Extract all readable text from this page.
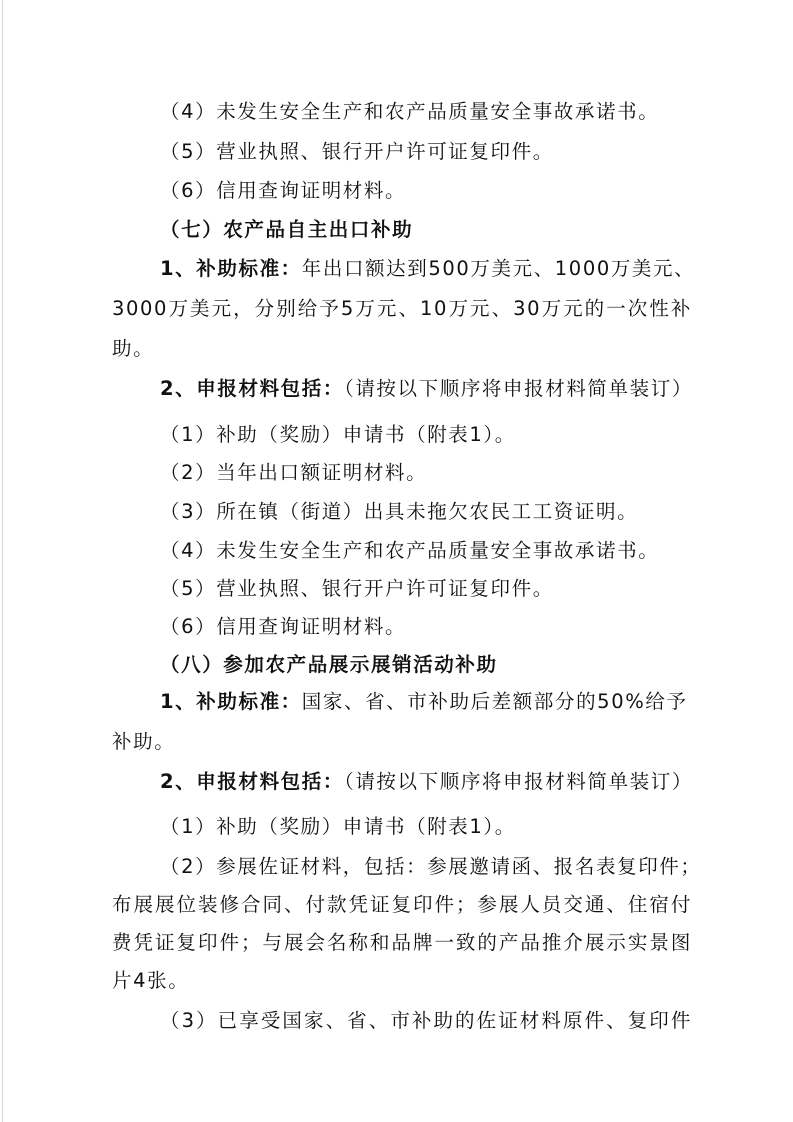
（4）未发生安全生产和农产品质量安全事故承诺书。
（5）营业执照、银行开户许可证复印件。
（6）信用查询证明材料。
（七）农产品自主出口补助
1、补助标准：年出口额达到500万美元、1000万美元、
3000万美元，分别给予5万元、10万元、30万元的一次性补
助。
2、申报材料包括：（请按以下顺序将申报材料简单装订）
（1）补助（奖励）申请书（附表1）。
（2）当年出口额证明材料。
（3）所在镇（街道）出具未拖欠农民工工资证明。
（4）未发生安全生产和农产品质量安全事故承诺书。
（5）营业执照、银行开户许可证复印件。
（6）信用查询证明材料。
（八）参加农产品展示展销活动补助
1、补助标准：国家、省、市补助后差额部分的50%给予
补助。
2、申报材料包括：（请按以下顺序将申报材料简单装订）
（1）补助（奖励）申请书（附表1）。
（2）参展佐证材料，包括：参展邀请函、报名表复印件；
布展展位装修合同、付款凭证复印件；参展人员交通、住宿付
费凭证复印件；与展会名称和品牌一致的产品推介展示实景图
片4张。
（3）已享受国家、省、市补助的佐证材料原件、复印件
